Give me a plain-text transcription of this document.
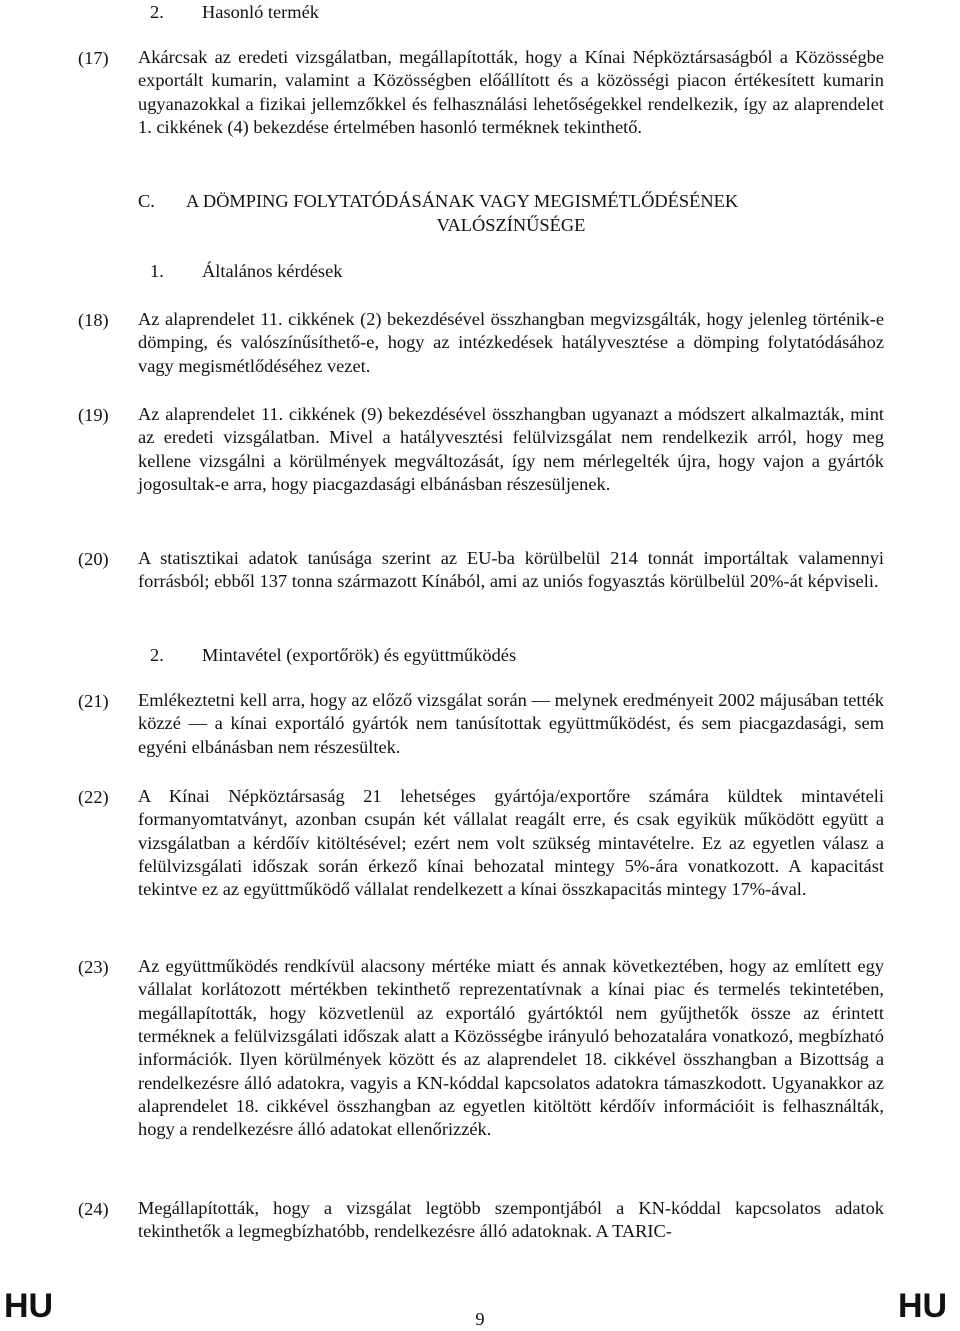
2. Hasonló termék
(17) Akárcsak az eredeti vizsgálatban, megállapították, hogy a Kínai Népköztársaságból a Közösségbe exportált kumarin, valamint a Közösségben előállított és a közösségi piacon értékesített kumarin ugyanazokkal a fizikai jellemzőkkel és felhasználási lehetőségekkel rendelkezik, így az alaprendelet 1. cikkének (4) bekezdése értelmében hasonló terméknek tekinthető.
C. A DÖMPING FOLYTATÓDÁSÁNAK VAGY MEGISMÉTLŐDÉSÉNEK
VALÓSZÍNŰSÉGE
1. Általános kérdések
(18) Az alaprendelet 11. cikkének (2) bekezdésével összhangban megvizsgálták, hogy jelenleg történik-e dömping, és valószínűsíthető-e, hogy az intézkedések hatályvesztése a dömping folytatódásához vagy megismétlődéséhez vezet.
(19) Az alaprendelet 11. cikkének (9) bekezdésével összhangban ugyanazt a módszert alkalmazták, mint az eredeti vizsgálatban. Mivel a hatályvesztési felülvizsgálat nem rendelkezik arról, hogy meg kellene vizsgálni a körülmények megváltozását, így nem mérlegelték újra, hogy vajon a gyártók jogosultak-e arra, hogy piacgazdasági elbánásban részesüljenek.
(20) A statisztikai adatok tanúsága szerint az EU-ba körülbelül 214 tonnát importáltak valamennyi forrásból; ebből 137 tonna származott Kínából, ami az uniós fogyasztás körülbelül 20%-át képviseli.
2. Mintavétel (exportőrök) és együttműködés
(21) Emlékeztetni kell arra, hogy az előző vizsgálat során — melynek eredményeit 2002 májusában tették közzé — a kínai exportáló gyártók nem tanúsítottak együttműködést, és sem piacgazdasági, sem egyéni elbánásban nem részesültek.
(22) A Kínai Népköztársaság 21 lehetséges gyártója/exportőre számára küldtek mintavételi formanyomtatványt, azonban csupán két vállalat reagált erre, és csak egyikük működött együtt a vizsgálatban a kérdőív kitöltésével; ezért nem volt szükség mintavételre. Ez az egyetlen válasz a felülvizsgálati időszak során érkező kínai behozatal mintegy 5%-ára vonatkozott. A kapacitást tekintve ez az együttműködő vállalat rendelkezett a kínai összkapacitás mintegy 17%-ával.
(23) Az együttműködés rendkívül alacsony mértéke miatt és annak következtében, hogy az említett egy vállalat korlátozott mértékben tekinthető reprezentatívnak a kínai piac és termelés tekintetében, megállapították, hogy közvetlenül az exportáló gyártóktól nem gyűjthetők össze az érintett terméknek a felülvizsgálati időszak alatt a Közösségbe irányuló behozatalára vonatkozó, megbízható információk. Ilyen körülmények között és az alaprendelet 18. cikkével összhangban a Bizottság a rendelkezésre álló adatokra, vagyis a KN-kóddal kapcsolatos adatokra támaszkodott. Ugyanakkor az alaprendelet 18. cikkével összhangban az egyetlen kitöltött kérdőív információit is felhasználták, hogy a rendelkezésre álló adatokat ellenőrizzék.
(24) Megállapították, hogy a vizsgálat legtöbb szempontjából a KN-kóddal kapcsolatos adatok tekinthetők a legmegbízhatóbb, rendelkezésre álló adatoknak. A TARIC-
HU	9	HU
